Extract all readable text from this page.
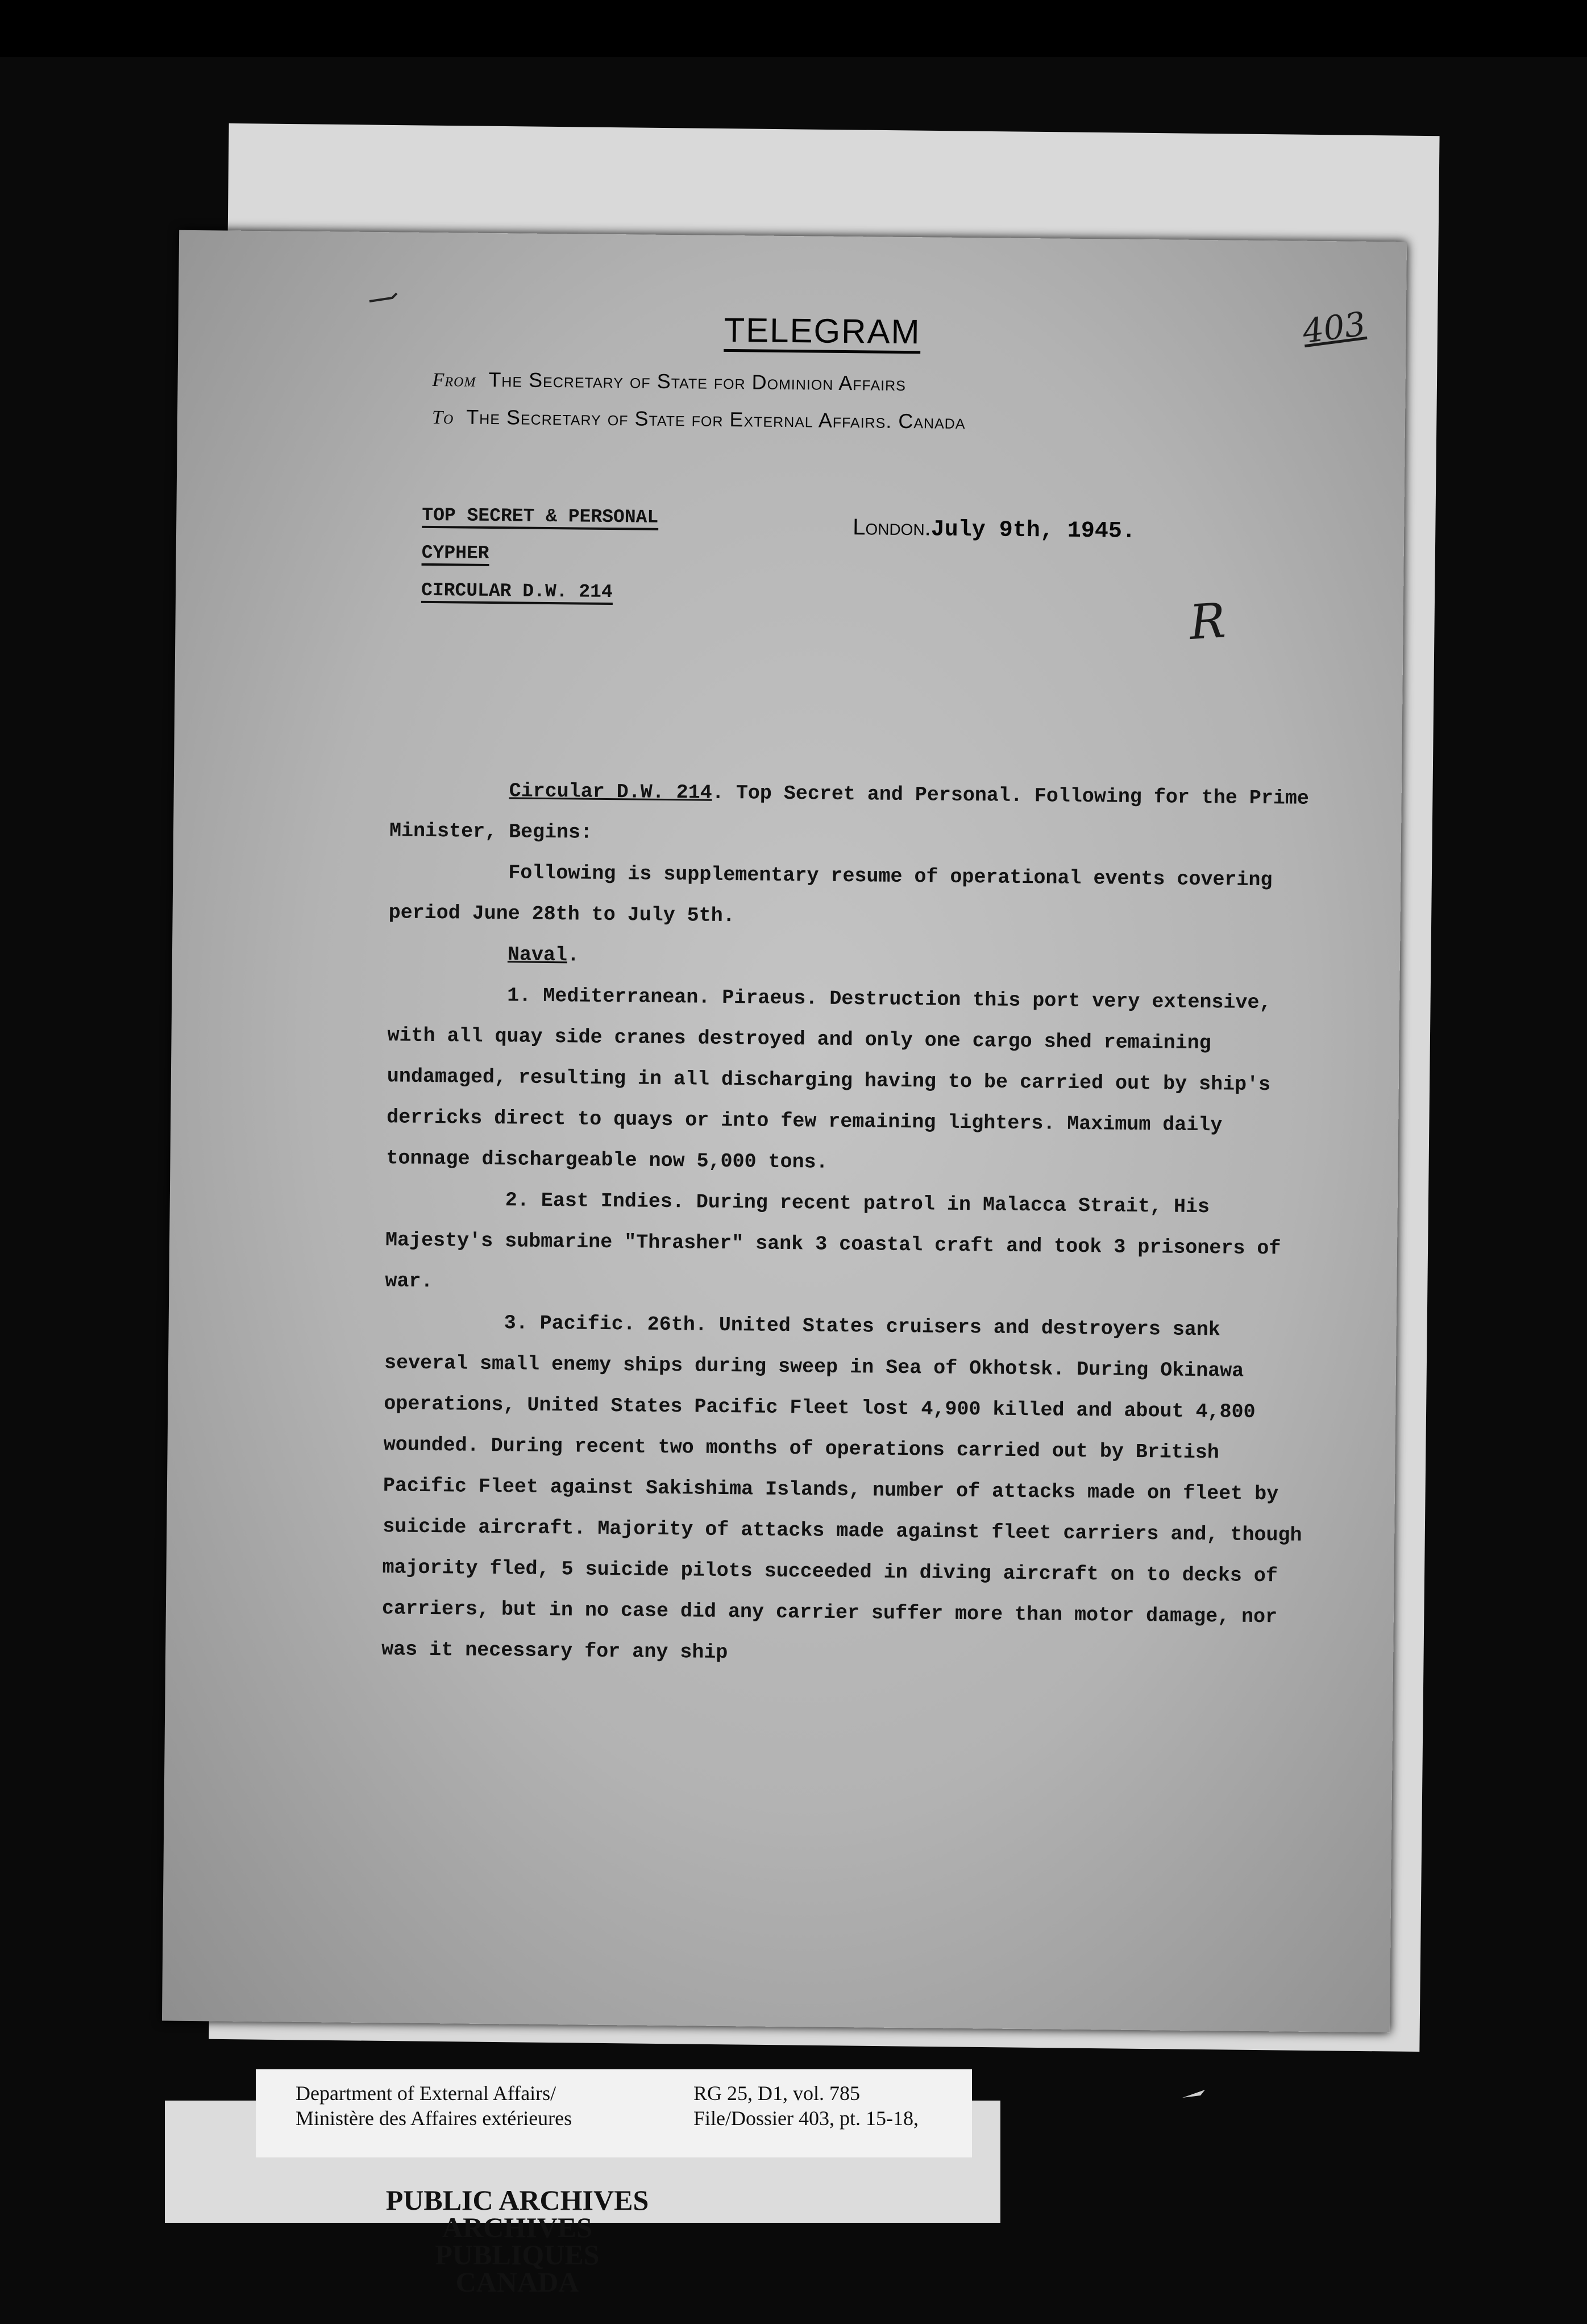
403
TELEGRAM
From The Secretary of State for Dominion Affairs
To The Secretary of State for External Affairs. Canada
TOP SECRET & PERSONAL
CYPHER
CIRCULAR D.W. 214
London.July 9th, 1945.
R

Circular D.W. 214. Top Secret and Personal. Following for the Prime Minister, Begins:

Following is supplementary resume of operational events covering period June 28th to July 5th.

Naval.

1. Mediterranean. Piraeus. Destruction this port very extensive, with all quay side cranes destroyed and only one cargo shed remaining undamaged, resulting in all discharging having to be carried out by ship's derricks direct to quays or into few remaining lighters. Maximum daily tonnage dischargeable now 5,000 tons.

2. East Indies. During recent patrol in Malacca Strait, His Majesty's submarine "Thrasher" sank 3 coastal craft and took 3 prisoners of war.

3. Pacific. 26th. United States cruisers and destroyers sank several small enemy ships during sweep in Sea of Okhotsk. During Okinawa operations, United States Pacific Fleet lost 4,900 killed and about 4,800 wounded. During recent two months of operations carried out by British Pacific Fleet against Sakishima Islands, number of attacks made on fleet by suicide aircraft. Majority of attacks made against fleet carriers and, though majority fled, 5 suicide pilots succeeded in diving aircraft on to decks of carriers, but in no case did any carrier suffer more than motor damage, nor was it necessary for any ship

Department of External Affairs/
Ministère des Affaires extérieures
RG 25, D1, vol. 785
File/Dossier 403, pt. 15-18,
PUBLIC ARCHIVES
ARCHIVES PUBLIQUES
CANADA
